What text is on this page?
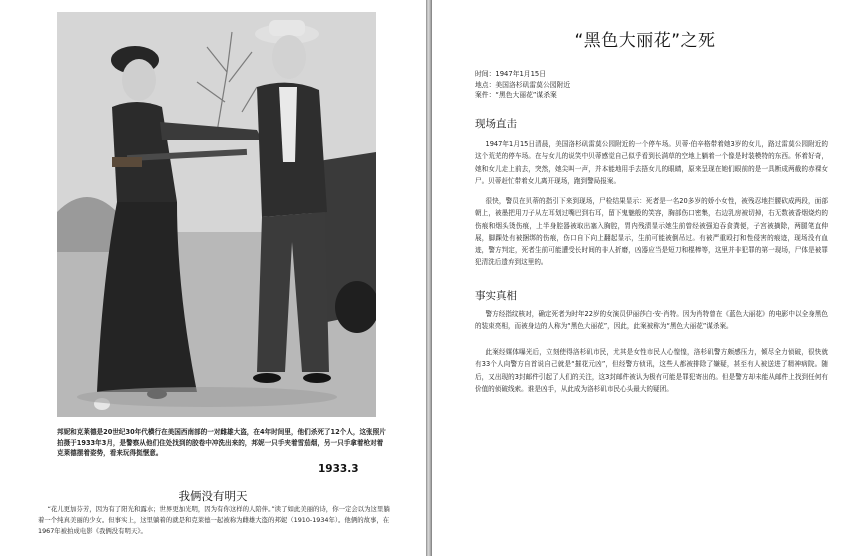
邦妮和克莱德是20世纪30年代横行在美国西南部的一对雌雄大盗，在4年时间里，他们杀死了12个人，这张照片拍摄于1933年3月，是警察从他们住处找到的胶卷中冲洗出来的，邦妮一只手夹着雪茄烟，另一只手拿着枪对着克莱德摆着姿势，看来玩得挺惬意。
1933.3
我俩没有明天
“花儿更加芬芳，因为有了阳光和露水；世界更加光明，因为有你这样的人陪伴。”读了如此美丽的诗，你一定会以为这里躺着一个纯真美丽的少女。但事实上，这里躺着的就是和克莱德一起被称为雌雄大盗的邦妮（1910-1934年）。他俩的故事，在1967年被拍成电影《我俩没有明天》。
“黑色大丽花”之死
时间：1947年1月15日
地点：美国洛杉矶雷莫公园附近
案件：“黑色大丽花”谋杀案
现场直击
1947年1月15日清晨，美国洛杉矶雷莫公园附近的一个停车场。贝蒂·伯辛格带着她3岁的女儿，路过雷莫公园附近的这个荒芜的停车场。在与女儿的说笑中贝蒂感觉自己似乎看到长满草的空地上躺着一个像是时装模特的东西。怀着好奇，她和女儿走上前去，突然，她尖叫一声，并本能地用手去捂女儿的眼睛，原来呈现在她们眼前的是一具断成两截的赤裸女尸。贝蒂赶忙带着女儿离开现场，跑到警局报案。
很快，警员在贝蒂的指引下来到现场，尸检结果显示：死者是一名20多岁的娇小女性，被残忍地拦腰砍成两段，面部朝上，被墨把用刀子从左耳划过嘴巴到右耳，留下鬼魅般的笑容，胸部伤口密集，右边乳房被切掉，右无数被香烟烧灼的伤痕和烟头烫伤痕，上半身腔器被取出塞入胸腔，胃内残渍显示她生前曾经被强迫吞食粪便，子宫被摘除，两腿笔直伸展，脚踝处有被捆绑的伤痕，伤口自下向上翻起显示，生前可能被倒吊过。有被严重殴打和性侵害的痕迹，现场没有血迹，警方判定，死者生前可能遭受长时间的非人折磨，凶器应当是短刀和棍棒等，这里并非犯罪的第一现场，尸体是被罪犯清洗后遗弃到这里的。
事实真相
警方经指纹核对，确定死者为时年22岁的女演员伊丽莎白·安·肖特。因为肖特曾在《蓝色大丽花》的电影中以全身黑色的装束亮相，而被身边的人称为“黑色大丽花”，因此，此案被称为“黑色大丽花”谋杀案。
此案经媒体曝光后，立刻使得洛杉矶市民，尤其是女性市民人心惶惶，洛杉矶警方颇感压力，倾尽全力侦破，很快就有33个人向警方自首说自己就是“摧花元凶”，但经警方侦讯，这些人都被排除了嫌疑，甚至有人被送进了精神病院。随后，又出现的3封邮件引起了人们的关注，这3封邮件被认为极有可能是罪犯寄出的。但是警方却未能从邮件上找到任何有价值的侦破线索。谁是凶手，从此成为洛杉矶市民心头最大的疑团。
